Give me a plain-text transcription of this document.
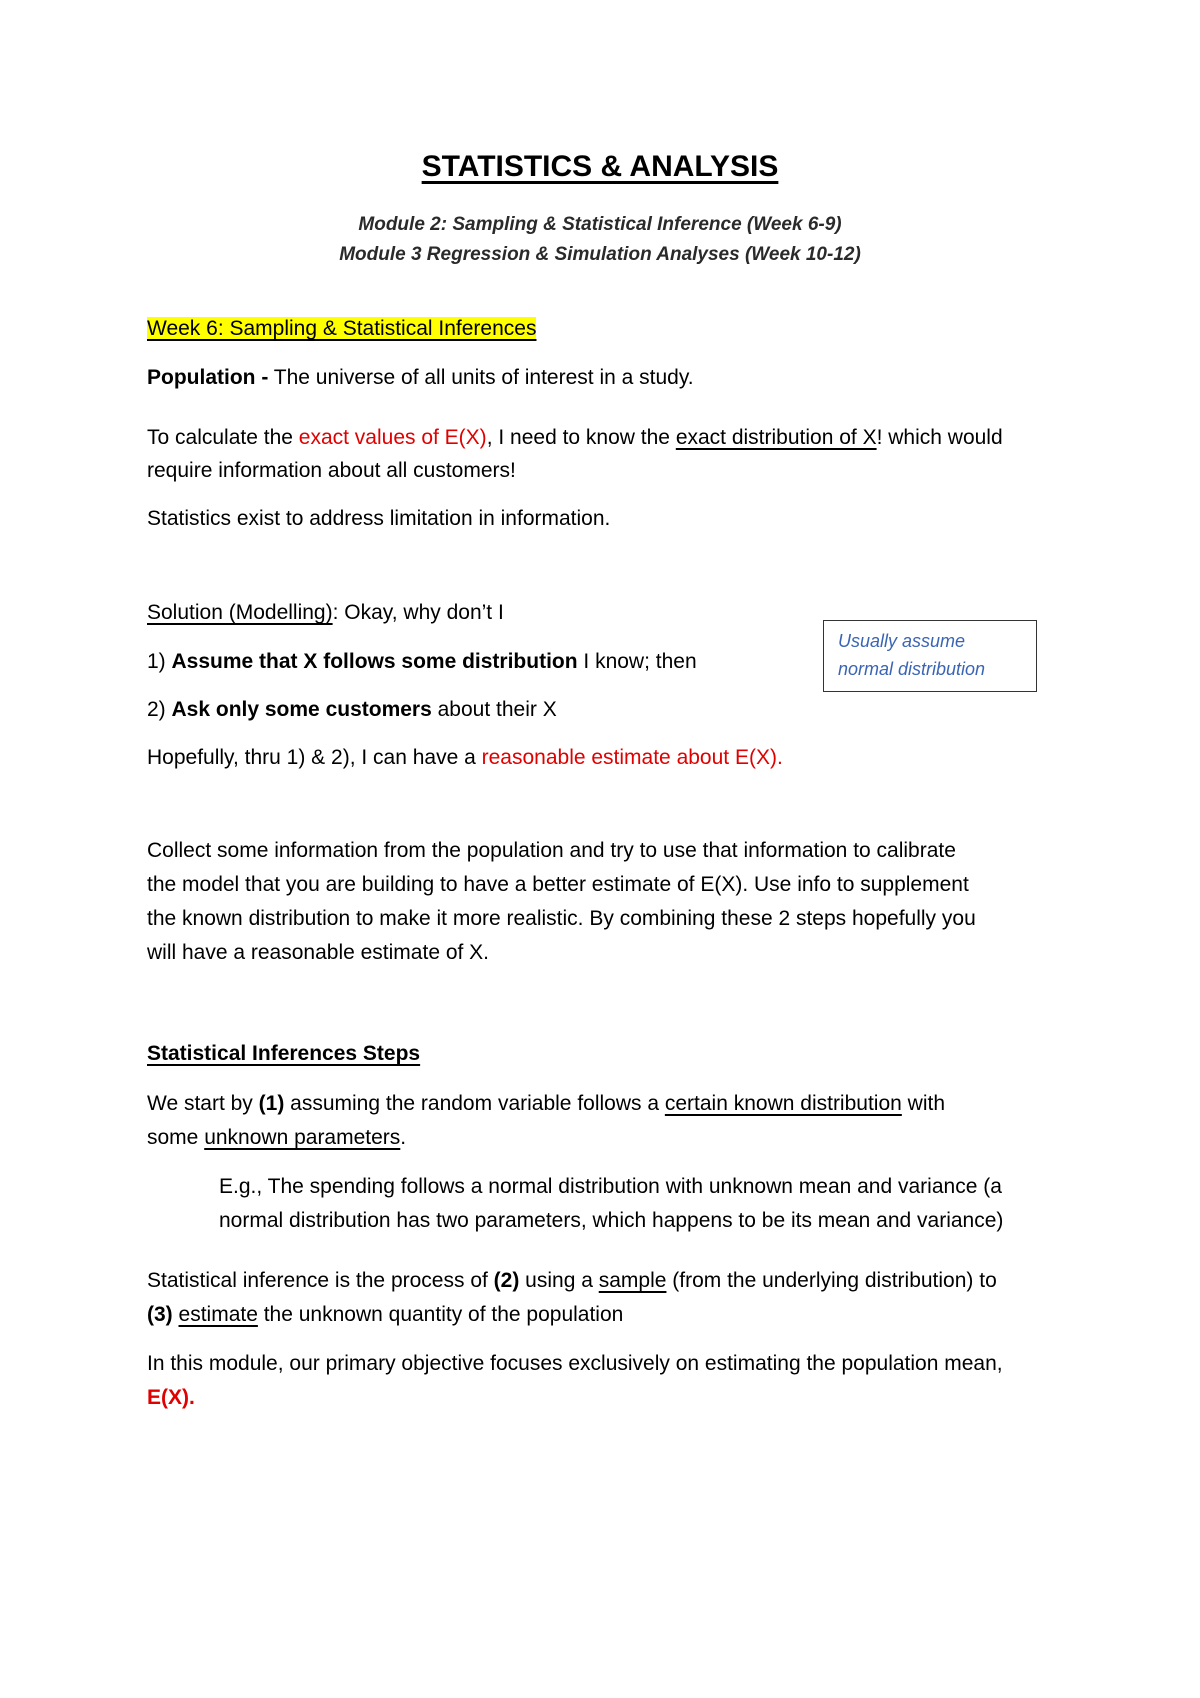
STATISTICS & ANALYSIS
Module 2: Sampling & Statistical Inference (Week 6-9)
Module 3 Regression & Simulation Analyses (Week 10-12)
Week 6: Sampling & Statistical Inferences
Population - The universe of all units of interest in a study.
To calculate the exact values of E(X), I need to know the exact distribution of X! which would
require information about all customers!
Statistics exist to address limitation in information.
Solution (Modelling): Okay, why don’t I
1) Assume that X follows some distribution I know; then
2) Ask only some customers about their X
Hopefully, thru 1) & 2), I can have a reasonable estimate about E(X).
Usually assume
normal distribution
Collect some information from the population and try to use that information to calibrate
the model that you are building to have a better estimate of E(X). Use info to supplement
the known distribution to make it more realistic. By combining these 2 steps hopefully you
will have a reasonable estimate of X.
Statistical Inferences Steps
We start by (1) assuming the random variable follows a certain known distribution with
some unknown parameters.
E.g., The spending follows a normal distribution with unknown mean and variance (a
normal distribution has two parameters, which happens to be its mean and variance)
Statistical inference is the process of (2) using a sample (from the underlying distribution) to
(3) estimate the unknown quantity of the population
In this module, our primary objective focuses exclusively on estimating the population mean,
E(X).
